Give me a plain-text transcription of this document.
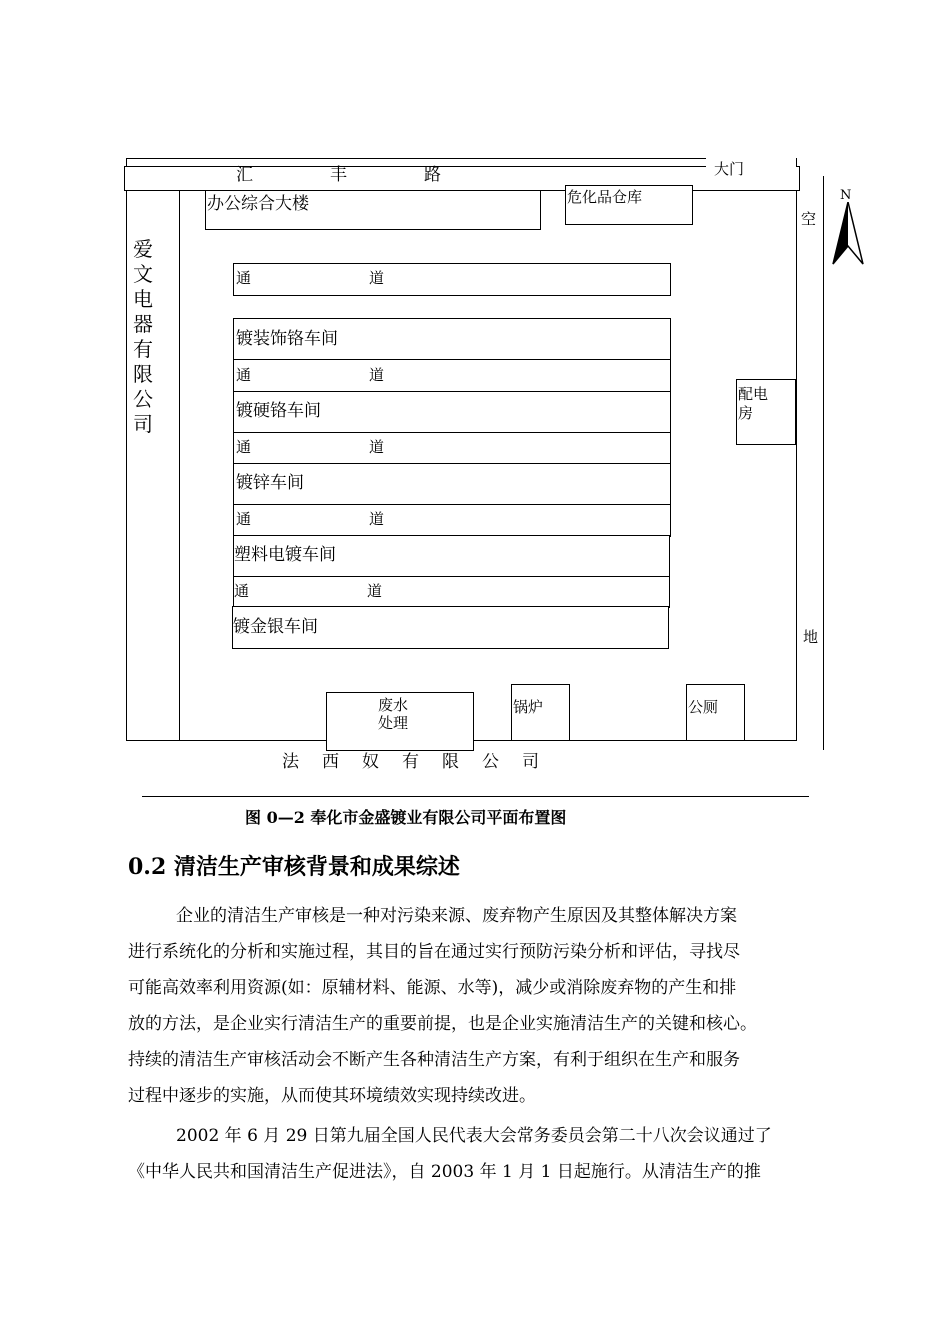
汇　丰　路	大门
办公综合大楼	危化品仓库
爱
文
电
器
有
限
公
司
通	道
镀装饰铬车间
通	道
镀硬铬车间
通	道
镀锌车间
通	道
塑料电镀车间
通	道
镀金银车间
配电
房
废水
处理
锅炉	公厕
法　西　奴　有　限　公　司
空
地
N
图 0—2 奉化市金盛镀业有限公司平面布置图
0.2 清洁生产审核背景和成果综述
企业的清洁生产审核是一种对污染来源、废弃物产生原因及其整体解决方案
进行系统化的分析和实施过程，其目的旨在通过实行预防污染分析和评估，寻找尽
可能高效率利用资源(如：原辅材料、能源、水等)，减少或消除废弃物的产生和排
放的方法，是企业实行清洁生产的重要前提，也是企业实施清洁生产的关键和核心。
持续的清洁生产审核活动会不断产生各种清洁生产方案，有利于组织在生产和服务
过程中逐步的实施，从而使其环境绩效实现持续改进。
2002 年 6 月 29 日第九届全国人民代表大会常务委员会第二十八次会议通过了
《中华人民共和国清洁生产促进法》，自 2003 年 1 月 1 日起施行。从清洁生产的推
